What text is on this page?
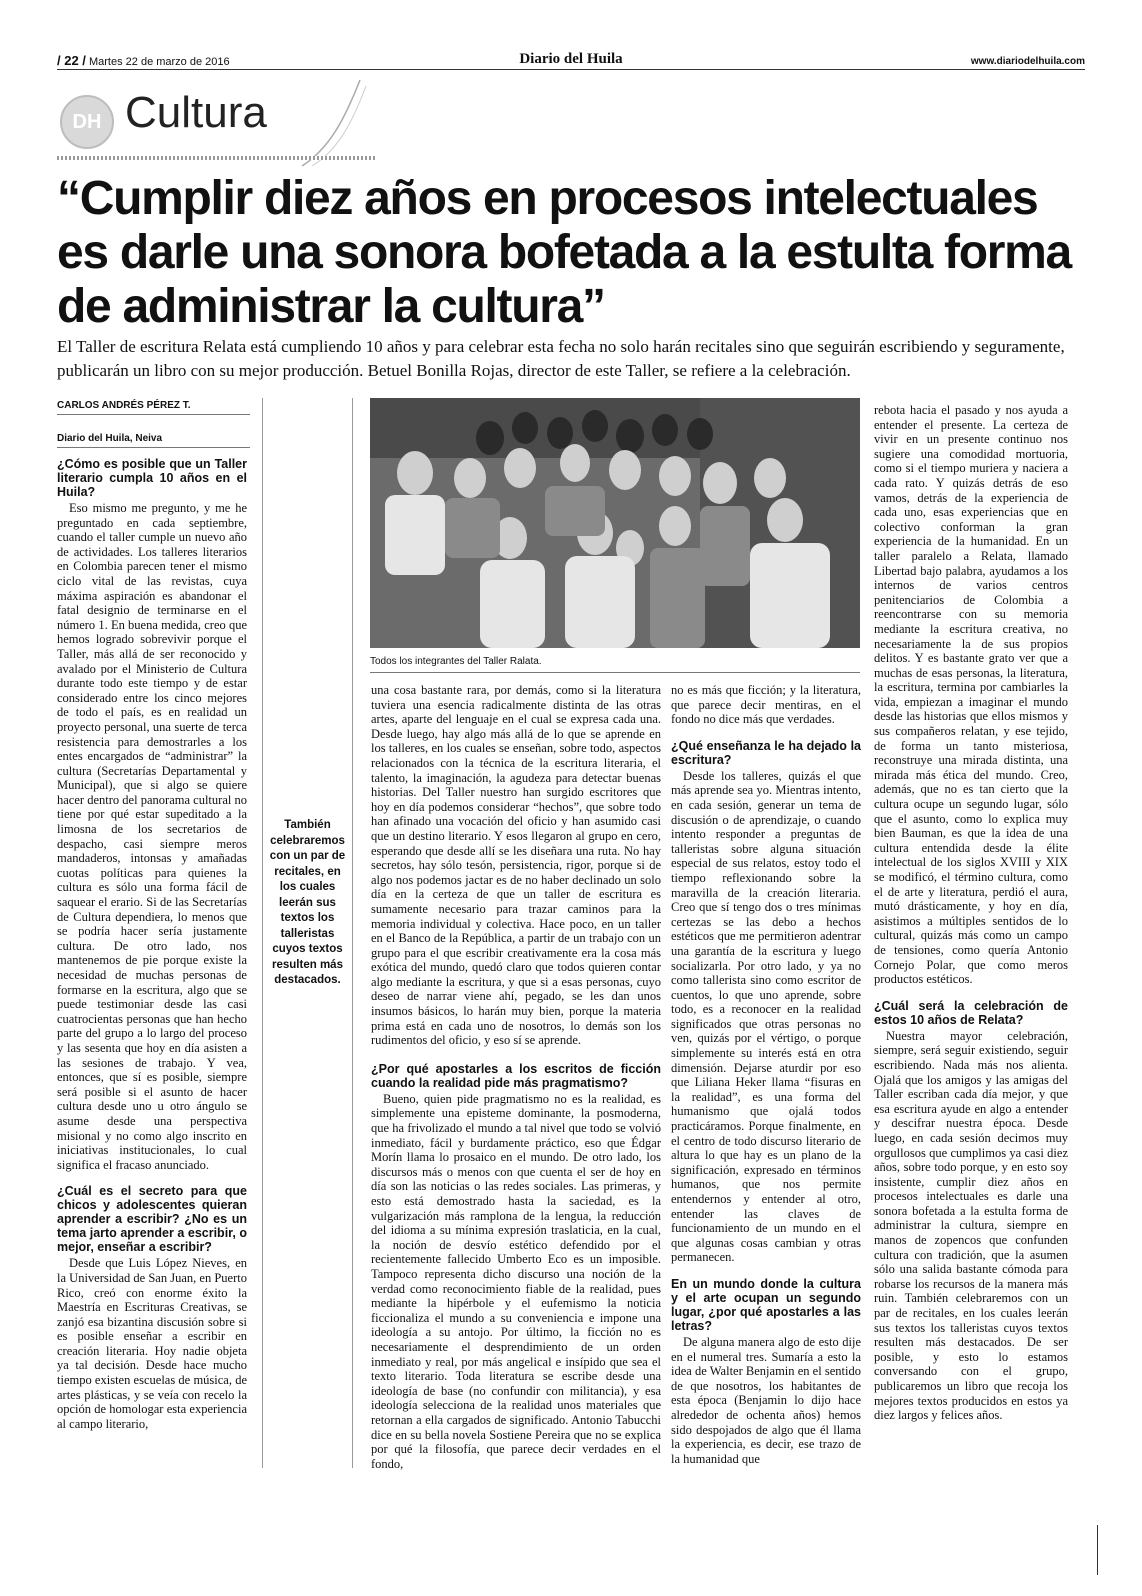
/ 22 / Martes 22 de marzo de 2016	Diario del Huila	www.diariodelhuila.com
DH Cultura
“Cumplir diez años en procesos intelectuales es darle una sonora bofetada a la estulta forma de administrar la cultura”

El Taller de escritura Relata está cumpliendo 10 años y para celebrar esta fecha no solo harán recitales sino que seguirán escribiendo y seguramente, publicarán un libro con su mejor producción. Betuel Bonilla Rojas, director de este Taller, se refiere a la celebración.

CARLOS ANDRÉS PÉREZ T.
Diario del Huila, Neiva
¿Cómo es posible que un Taller literario cumpla 10 años en el Huila?

Eso mismo me pregunto, y me he preguntado en cada septiembre, cuando el taller cumple un nuevo año de actividades. Los talleres literarios en Colombia parecen tener el mismo ciclo vital de las revistas, cuya máxima aspiración es abandonar el fatal designio de terminarse en el número 1. En buena medida, creo que hemos logrado sobrevivir porque el Taller, más allá de ser reconocido y avalado por el Ministerio de Cultura durante todo este tiempo y de estar considerado entre los cinco mejores de todo el país, es en realidad un proyecto personal, una suerte de terca resistencia para demostrarles a los entes encargados de “administrar” la cultura (Secretarías Departamental y Municipal), que si algo se quiere hacer dentro del panorama cultural no tiene por qué estar supeditado a la limosna de los secretarios de despacho, casi siempre meros mandaderos, intonsas y amañadas cuotas políticas para quienes la cultura es sólo una forma fácil de saquear el erario. Si de las Secretarías de Cultura dependiera, lo menos que se podría hacer sería justamente cultura. De otro lado, nos mantenemos de pie porque existe la necesidad de muchas personas de formarse en la escritura, algo que se puede testimoniar desde las casi cuatrocientas personas que han hecho parte del grupo a lo largo del proceso y las sesenta que hoy en día asisten a las sesiones de trabajo. Y vea, entonces, que sí es posible, siempre será posible si el asunto de hacer cultura desde uno u otro ángulo se asume desde una perspectiva misional y no como algo inscrito en iniciativas institucionales, lo cual significa el fracaso anunciado.

¿Cuál es el secreto para que chicos y adolescentes quieran aprender a escribir? ¿No es un tema jarto aprender a escribir, o mejor, enseñar a escribir?

Desde que Luis López Nieves, en la Universidad de San Juan, en Puerto Rico, creó con enorme éxito la Maestría en Escrituras Creativas, se zanjó esa bizantina discusión sobre si es posible enseñar a escribir en creación literaria. Hoy nadie objeta ya tal decisión. Desde hace mucho tiempo existen escuelas de música, de artes plásticas, y se veía con recelo la opción de homologar esta experiencia al campo literario,

También celebraremos con un par de recitales, en los cuales leerán sus textos los talleristas cuyos textos resulten más destacados.
Todos los integrantes del Taller Ralata.

una cosa bastante rara, por demás, como si la literatura tuviera una esencia radicalmente distinta de las otras artes, aparte del lenguaje en el cual se expresa cada una. Desde luego, hay algo más allá de lo que se aprende en los talleres, en los cuales se enseñan, sobre todo, aspectos relacionados con la técnica de la escritura literaria, el talento, la imaginación, la agudeza para detectar buenas historias. Del Taller nuestro han surgido escritores que hoy en día podemos considerar “hechos”, que sobre todo han afinado una vocación del oficio y han asumido casi que un destino literario. Y esos llegaron al grupo en cero, esperando que desde allí se les diseñara una ruta. No hay secretos, hay sólo tesón, persistencia, rigor, porque si de algo nos podemos jactar es de no haber declinado un solo día en la certeza de que un taller de escritura es sumamente necesario para trazar caminos para la memoria individual y colectiva. Hace poco, en un taller en el Banco de la República, a partir de un trabajo con un grupo para el que escribir creativamente era la cosa más exótica del mundo, quedó claro que todos quieren contar algo mediante la escritura, y que si a esas personas, cuyo deseo de narrar viene ahí, pegado, se les dan unos insumos básicos, lo harán muy bien, porque la materia prima está en cada uno de nosotros, lo demás son los rudimentos del oficio, y eso sí se aprende.

¿Por qué apostarles a los escritos de ficción cuando la realidad pide más pragmatismo?

Bueno, quien pide pragmatismo no es la realidad, es simplemente una episteme dominante, la posmoderna, que ha frivolizado el mundo a tal nivel que todo se volvió inmediato, fácil y burdamente práctico, eso que Édgar Morín llama lo prosaico en el mundo. De otro lado, los discursos más o menos con que cuenta el ser de hoy en día son las noticias o las redes sociales. Las primeras, y esto está demostrado hasta la saciedad, es la vulgarización más ramplona de la lengua, la reducción del idioma a su mínima expresión traslaticia, en la cual, la noción de desvío estético defendido por el recientemente fallecido Umberto Eco es un imposible. Tampoco representa dicho discurso una noción de la verdad como reconocimiento fiable de la realidad, pues mediante la hipérbole y el eufemismo la noticia ficcionaliza el mundo a su conveniencia e impone una ideología a su antojo. Por último, la ficción no es necesariamente el desprendimiento de un orden inmediato y real, por más angelical e insípido que sea el texto literario. Toda literatura se escribe desde una ideología de base (no confundir con militancia), y esa ideología selecciona de la realidad unos materiales que retornan a ella cargados de significado. Antonio Tabucchi dice en su bella novela Sostiene Pereira que no se explica por qué la filosofía, que parece decir verdades en el fondo,

no es más que ficción; y la literatura, que parece decir mentiras, en el fondo no dice más que verdades.

¿Qué enseñanza le ha dejado la escritura?

Desde los talleres, quizás el que más aprende sea yo. Mientras intento, en cada sesión, generar un tema de discusión o de aprendizaje, o cuando intento responder a preguntas de talleristas sobre alguna situación especial de sus relatos, estoy todo el tiempo reflexionando sobre la maravilla de la creación literaria. Creo que sí tengo dos o tres mínimas certezas se las debo a hechos estéticos que me permitieron adentrar una garantía de la escritura y luego socializarla. Por otro lado, y ya no como tallerista sino como escritor de cuentos, lo que uno aprende, sobre todo, es a reconocer en la realidad significados que otras personas no ven, quizás por el vértigo, o porque simplemente su interés está en otra dimensión. Dejarse aturdir por eso que Liliana Heker llama “fisuras en la realidad”, es una forma del humanismo que ojalá todos practicáramos. Porque finalmente, en el centro de todo discurso literario de altura lo que hay es un plano de la significación, expresado en términos humanos, que nos permite entendernos y entender al otro, entender las claves de funcionamiento de un mundo en el que algunas cosas cambian y otras permanecen.

En un mundo donde la cultura y el arte ocupan un segundo lugar, ¿por qué apostarles a las letras?

De alguna manera algo de esto dije en el numeral tres. Sumaría a esto la idea de Walter Benjamin en el sentido de que nosotros, los habitantes de esta época (Benjamin lo dijo hace alrededor de ochenta años) hemos sido despojados de algo que él llama la experiencia, es decir, ese trazo de la humanidad que

rebota hacia el pasado y nos ayuda a entender el presente. La certeza de vivir en un presente continuo nos sugiere una comodidad mortuoria, como si el tiempo muriera y naciera a cada rato. Y quizás detrás de eso vamos, detrás de la experiencia de cada uno, esas experiencias que en colectivo conforman la gran experiencia de la humanidad. En un taller paralelo a Relata, llamado Libertad bajo palabra, ayudamos a los internos de varios centros penitenciarios de Colombia a reencontrarse con su memoria mediante la escritura creativa, no necesariamente la de sus propios delitos. Y es bastante grato ver que a muchas de esas personas, la literatura, la escritura, termina por cambiarles la vida, empiezan a imaginar el mundo desde las historias que ellos mismos y sus compañeros relatan, y ese tejido, de forma un tanto misteriosa, reconstruye una mirada distinta, una mirada más ética del mundo. Creo, además, que no es tan cierto que la cultura ocupe un segundo lugar, sólo que el asunto, como lo explica muy bien Bauman, es que la idea de una cultura entendida desde la élite intelectual de los siglos XVIII y XIX se modificó, el término cultura, como el de arte y literatura, perdió el aura, mutó drásticamente, y hoy en día, asistimos a múltiples sentidos de lo cultural, quizás más como un campo de tensiones, como quería Antonio Cornejo Polar, que como meros productos estéticos.

¿Cuál será la celebración de estos 10 años de Relata?

Nuestra mayor celebración, siempre, será seguir existiendo, seguir escribiendo. Nada más nos alienta. Ojalá que los amigos y las amigas del Taller escriban cada día mejor, y que esa escritura ayude en algo a entender y descifrar nuestra época. Desde luego, en cada sesión decimos muy orgullosos que cumplimos ya casi diez años, sobre todo porque, y en esto soy insistente, cumplir diez años en procesos intelectuales es darle una sonora bofetada a la estulta forma de administrar la cultura, siempre en manos de zopencos que confunden cultura con tradición, que la asumen sólo una salida bastante cómoda para robarse los recursos de la manera más ruin. También celebraremos con un par de recitales, en los cuales leerán sus textos los talleristas cuyos textos resulten más destacados. De ser posible, y esto lo estamos conversando con el grupo, publicaremos un libro que recoja los mejores textos producidos en estos ya diez largos y felices años.
